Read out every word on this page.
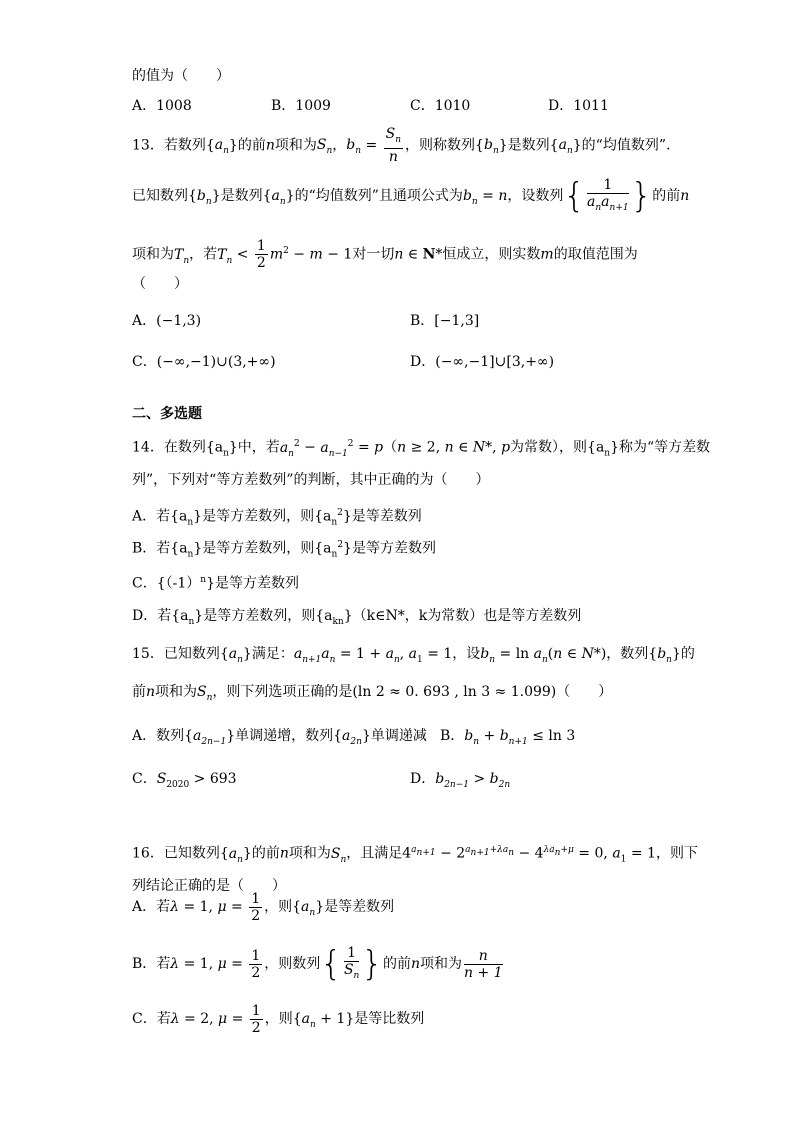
的值为（　　）
A．1008	B．1009	C．1010	D．1011
13．若数列$\{a_n\}$的前n项和为$S_n$，$b_n = \frac{S_n}{n}$ ，则称数列$\{b_n\}$是数列$\{a_n\}$的“均值数列”.
已知数列$\{b_n\}$是数列$\{a_n\}$的“均值数列”且通项公式为$b_n = n$，设数列{ $\frac{1}{a_na_{n+1}}$ }的前n
项和为$T_n$，若$T_n < \frac{1}{2} m^2 - m - 1$对一切n ∈ N*恒成立，则实数m的取值范围为
（　　）
A．(−1,3)	B．[−1,3]
C．(−∞,−1)∪(3,+∞)	D．(−∞,−1]∪[3,+∞)
二、多选题
14．在数列$\{a_n\}$中，若$a_n^2 - a_{n-1}^2 = p(n \ge 2$, n ∈ N*, p为常数），则$\{a_n\}$称为“等方差数
列”，下列对“等方差数列”的判断，其中正确的为（　　）
A．若$\{a_n\}$是等方差数列，则$\{a_n^2\}$是等差数列
B．若$\{a_n\}$是等方差数列，则$\{a_n^2\}$是等方差数列
C．$\{(-1)^n\}$是等方差数列
D．若$\{a_n\}$是等方差数列，则$\{a_{kn}\}(k\in N*$，k为常数）也是等方差数列
15．已知数列$\{a_n\}$满足：$a_{n+1}a_n = 1 + a_n$, $a_1 = 1$，设$b_n = \ln a_n(n$ ∈ N*)，数列$\{b_n\}$的
前n项和为$S_n$，则下列选项正确的是(ln 2 ≈ 0. 693 , ln 3 ≈ 1.099)（　　）
A．数列$\{a_{2n-1}\}$单调递增，数列$\{a_{2n}\}$单调递减 B．$b_n + b_{n+1} \le \ln 3$
C．$S_{2020} > 693$	D．$b_{2n-1} > b_{2n}$
16．已知数列$\{a_n\}$的前n项和为$S_n$，且满足$4^{a_{n+1}} - 2^{a_{n+1}+\lambda a_n} - 4^{\lambda a_n+\mu} = 0$, $a_1 = 1$，则下
列结论正确的是（　　）
A．若λ = 1, $\mu = \frac{1}{2}$ ，则$\{a_n\}$是等差数列
B．若λ = 1, $\mu = \frac{1}{2}$ ，则数列{ $\frac{1}{S_n}$ }的前n项和为 $\frac{n}{n + 1}$
C．若λ = 2, $\mu = \frac{1}{2}$ ，则$\{a_n + 1\}$是等比数列
